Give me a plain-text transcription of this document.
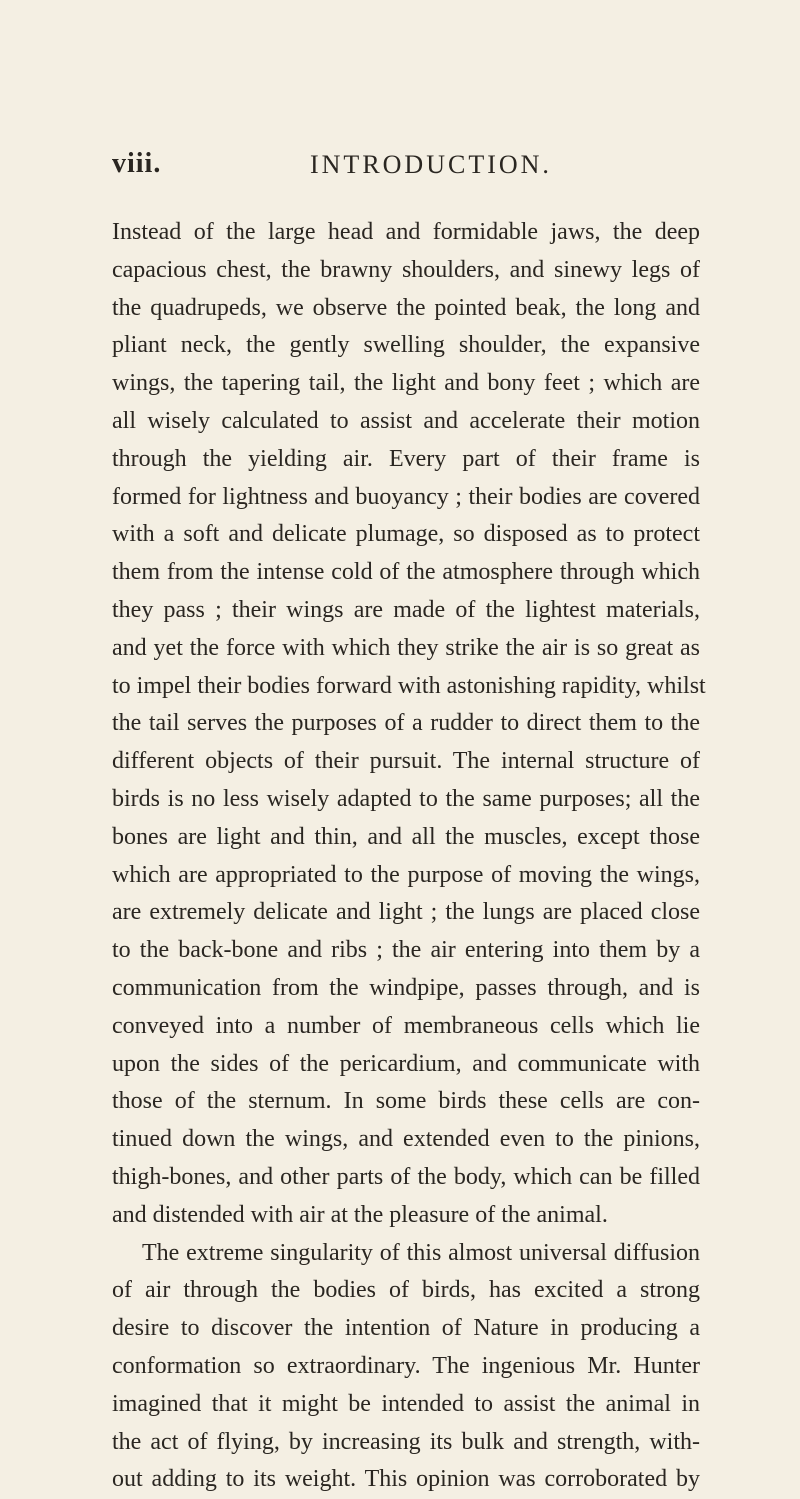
viii.	INTRODUCTION.
Instead of the large head and formidable jaws, the deep
capacious chest, the brawny shoulders, and sinewy legs of
the quadrupeds, we observe the pointed beak, the long and
pliant neck, the gently swelling shoulder, the expansive
wings, the tapering tail, the light and bony feet ; which are
all wisely calculated to assist and accelerate their motion
through the yielding air. Every part of their frame is
formed for lightness and buoyancy ; their bodies are covered
with a soft and delicate plumage, so disposed as to protect
them from the intense cold of the atmosphere through which
they pass ; their wings are made of the lightest materials,
and yet the force with which they strike the air is so great as
to impel their bodies forward with astonishing rapidity, whilst
the tail serves the purposes of a rudder to direct them to the
different objects of their pursuit. The internal structure of
birds is no less wisely adapted to the same purposes; all the
bones are light and thin, and all the muscles, except those
which are appropriated to the purpose of moving the wings,
are extremely delicate and light ; the lungs are placed close
to the back-bone and ribs ; the air entering into them by a
communication from the windpipe, passes through, and is
conveyed into a number of membraneous cells which lie
upon the sides of the pericardium, and communicate with
those of the sternum. In some birds these cells are con-
tinued down the wings, and extended even to the pinions,
thigh-bones, and other parts of the body, which can be filled
and distended with air at the pleasure of the animal.
The extreme singularity of this almost universal diffusion
of air through the bodies of birds, has excited a strong
desire to discover the intention of Nature in producing a
conformation so extraordinary. The ingenious Mr. Hunter
imagined that it might be intended to assist the animal in
the act of flying, by increasing its bulk and strength, with-
out adding to its weight. This opinion was corroborated by
